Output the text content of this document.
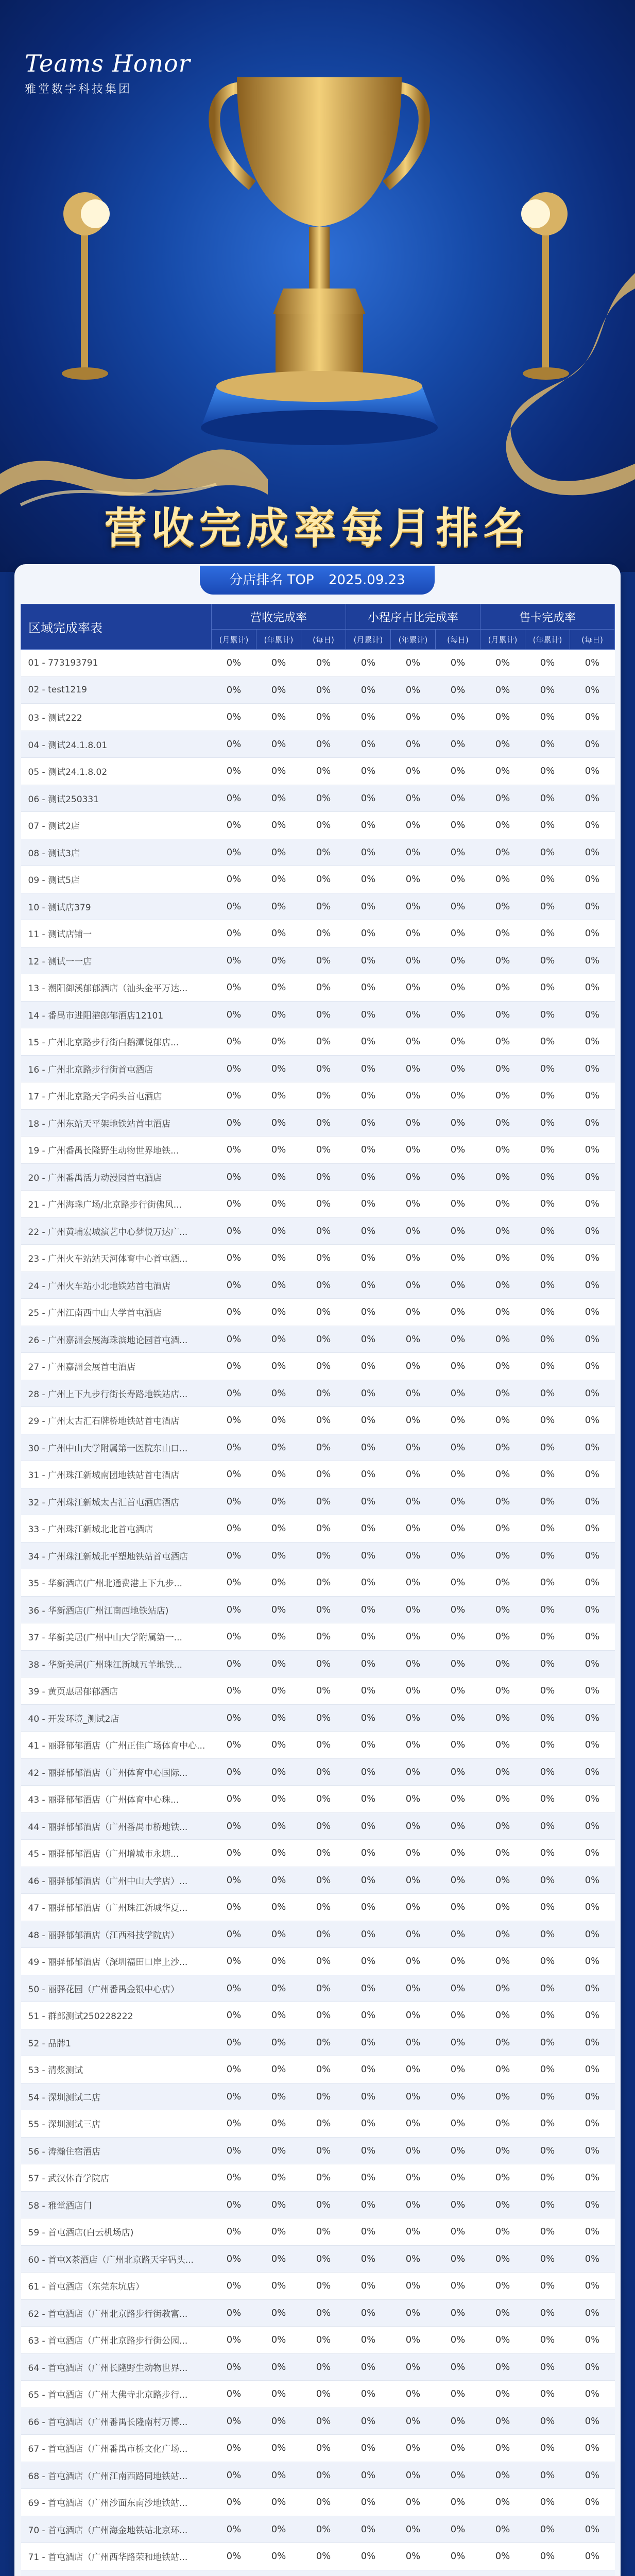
Teams Honor
雅堂数字科技集团
营收完成率每月排名
分店排名 TOP 2025.09.23
区域完成率表	营收完成率			小程序占比完成率			售卡完成率		
	(月累计)	(年累计)	(每日)	(月累计)	(年累计)	(每日)	(月累计)	(年累计)	(每日)
01 - 773193791	0%	0%	0%	0%	0%	0%	0%	0%	0%
02 - test1219	0%	0%	0%	0%	0%	0%	0%	0%	0%
03 - 测试222	0%	0%	0%	0%	0%	0%	0%	0%	0%
04 - 测试24.1.8.01	0%	0%	0%	0%	0%	0%	0%	0%	0%
05 - 测试24.1.8.02	0%	0%	0%	0%	0%	0%	0%	0%	0%
06 - 测试250331	0%	0%	0%	0%	0%	0%	0%	0%	0%
07 - 测试2店	0%	0%	0%	0%	0%	0%	0%	0%	0%
08 - 测试3店	0%	0%	0%	0%	0%	0%	0%	0%	0%
09 - 测试5店	0%	0%	0%	0%	0%	0%	0%	0%	0%
10 - 测试店379	0%	0%	0%	0%	0%	0%	0%	0%	0%
11 - 测试店铺一	0%	0%	0%	0%	0%	0%	0%	0%	0%
12 - 测试一一店	0%	0%	0%	0%	0%	0%	0%	0%	0%
13 - 潮阳御溪郁郁酒店（汕头金平万达...	0%	0%	0%	0%	0%	0%	0%	0%	0%
14 - 番禺市进阳港郎郁酒店12101	0%	0%	0%	0%	0%	0%	0%	0%	0%
15 - 广州北京路步行街白鹅潭悦郁店...	0%	0%	0%	0%	0%	0%	0%	0%	0%
16 - 广州北京路步行街首屯酒店	0%	0%	0%	0%	0%	0%	0%	0%	0%
17 - 广州北京路天字码头首屯酒店	0%	0%	0%	0%	0%	0%	0%	0%	0%
18 - 广州东站天平架地铁站首屯酒店	0%	0%	0%	0%	0%	0%	0%	0%	0%
19 - 广州番禺长隆野生动物世界地铁...	0%	0%	0%	0%	0%	0%	0%	0%	0%
20 - 广州番禺活力动漫园首屯酒店	0%	0%	0%	0%	0%	0%	0%	0%	0%
21 - 广州海珠广场/北京路步行街佛风...	0%	0%	0%	0%	0%	0%	0%	0%	0%
22 - 广州黄埔宏城演艺中心梦悦万达广...	0%	0%	0%	0%	0%	0%	0%	0%	0%
23 - 广州火车站站天河体育中心首屯酒...	0%	0%	0%	0%	0%	0%	0%	0%	0%
24 - 广州火车站小北地铁站首屯酒店	0%	0%	0%	0%	0%	0%	0%	0%	0%
25 - 广州江南西中山大学首屯酒店	0%	0%	0%	0%	0%	0%	0%	0%	0%
26 - 广州嘉洲会展海珠滨地论园首屯酒...	0%	0%	0%	0%	0%	0%	0%	0%	0%
27 - 广州嘉洲会展首屯酒店	0%	0%	0%	0%	0%	0%	0%	0%	0%
28 - 广州上下九步行街长寿路地铁站店...	0%	0%	0%	0%	0%	0%	0%	0%	0%
29 - 广州太古汇石牌桥地铁站首屯酒店	0%	0%	0%	0%	0%	0%	0%	0%	0%
30 - 广州中山大学附属第一医院东山口...	0%	0%	0%	0%	0%	0%	0%	0%	0%
31 - 广州珠江新城南团地铁站首屯酒店	0%	0%	0%	0%	0%	0%	0%	0%	0%
32 - 广州珠江新城太古汇首屯酒店酒店	0%	0%	0%	0%	0%	0%	0%	0%	0%
33 - 广州珠江新城北北首屯酒店	0%	0%	0%	0%	0%	0%	0%	0%	0%
34 - 广州珠江新城北平塑地铁站首屯酒店	0%	0%	0%	0%	0%	0%	0%	0%	0%
35 - 华新酒店(广州北通费港上下九步...	0%	0%	0%	0%	0%	0%	0%	0%	0%
36 - 华新酒店(广州江南西地铁站店)	0%	0%	0%	0%	0%	0%	0%	0%	0%
37 - 华新美居(广州中山大学附属第一...	0%	0%	0%	0%	0%	0%	0%	0%	0%
38 - 华新美居(广州珠江新城五羊地铁...	0%	0%	0%	0%	0%	0%	0%	0%	0%
39 - 黄页惠居郁郁酒店	0%	0%	0%	0%	0%	0%	0%	0%	0%
40 - 开发环境_测试2店	0%	0%	0%	0%	0%	0%	0%	0%	0%
41 - 丽驿郁郁酒店（广州正佳广场体育中心...	0%	0%	0%	0%	0%	0%	0%	0%	0%
42 - 丽驿郁郁酒店（广州体育中心国际...	0%	0%	0%	0%	0%	0%	0%	0%	0%
43 - 丽驿郁郁酒店（广州体育中心珠...	0%	0%	0%	0%	0%	0%	0%	0%	0%
44 - 丽驿郁郁酒店（广州番禺市桥地铁...	0%	0%	0%	0%	0%	0%	0%	0%	0%
45 - 丽驿郁郁酒店（广州增城市永塘...	0%	0%	0%	0%	0%	0%	0%	0%	0%
46 - 丽驿郁郁酒店（广州中山大学店）...	0%	0%	0%	0%	0%	0%	0%	0%	0%
47 - 丽驿郁郁酒店（广州珠江新城华夏...	0%	0%	0%	0%	0%	0%	0%	0%	0%
48 - 丽驿郁郁酒店（江西科技学院店）	0%	0%	0%	0%	0%	0%	0%	0%	0%
49 - 丽驿郁郁酒店（深圳福田口岸上沙...	0%	0%	0%	0%	0%	0%	0%	0%	0%
50 - 丽驿花园（广州番禺金银中心店）	0%	0%	0%	0%	0%	0%	0%	0%	0%
51 - 群郎测试250228222	0%	0%	0%	0%	0%	0%	0%	0%	0%
52 - 品牌1	0%	0%	0%	0%	0%	0%	0%	0%	0%
53 - 清浆测试	0%	0%	0%	0%	0%	0%	0%	0%	0%
54 - 深圳测试二店	0%	0%	0%	0%	0%	0%	0%	0%	0%
55 - 深圳测试三店	0%	0%	0%	0%	0%	0%	0%	0%	0%
56 - 涛瀚住宿酒店	0%	0%	0%	0%	0%	0%	0%	0%	0%
57 - 武汉体育学院店	0%	0%	0%	0%	0%	0%	0%	0%	0%
58 - 雅堂酒店门	0%	0%	0%	0%	0%	0%	0%	0%	0%
59 - 首屯酒店(白云机场店)	0%	0%	0%	0%	0%	0%	0%	0%	0%
60 - 首屯X茶酒店（广州北京路天字码头...	0%	0%	0%	0%	0%	0%	0%	0%	0%
61 - 首屯酒店（东莞东坑店）	0%	0%	0%	0%	0%	0%	0%	0%	0%
62 - 首屯酒店（广州北京路步行街教富...	0%	0%	0%	0%	0%	0%	0%	0%	0%
63 - 首屯酒店（广州北京路步行街公园...	0%	0%	0%	0%	0%	0%	0%	0%	0%
64 - 首屯酒店（广州长隆野生动物世界...	0%	0%	0%	0%	0%	0%	0%	0%	0%
65 - 首屯酒店（广州大佛寺北京路步行...	0%	0%	0%	0%	0%	0%	0%	0%	0%
66 - 首屯酒店（广州番禺长隆南村万博...	0%	0%	0%	0%	0%	0%	0%	0%	0%
67 - 首屯酒店（广州番禺市桥文化广场...	0%	0%	0%	0%	0%	0%	0%	0%	0%
68 - 首屯酒店（广州江南西路同地铁站...	0%	0%	0%	0%	0%	0%	0%	0%	0%
69 - 首屯酒店（广州沙面东南沙地铁站...	0%	0%	0%	0%	0%	0%	0%	0%	0%
70 - 首屯酒店（广州海金地铁站北京环...	0%	0%	0%	0%	0%	0%	0%	0%	0%
71 - 首屯酒店（广州西华路荣和地铁站...	0%	0%	0%	0%	0%	0%	0%	0%	0%
